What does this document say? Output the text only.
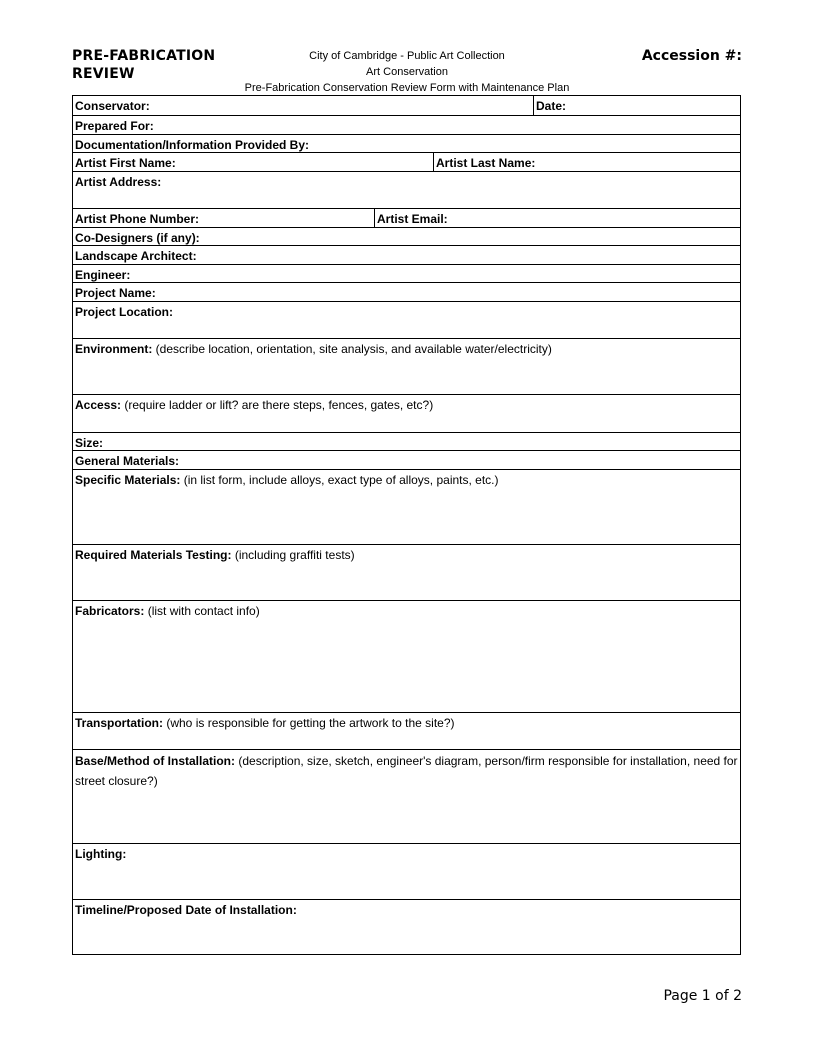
PRE-FABRICATION
REVIEW
City of Cambridge - Public Art Collection
Art Conservation
Pre-Fabrication Conservation Review Form with Maintenance Plan
Accession #:
Conservator:	Date:
Prepared For:
Documentation/Information Provided By:
Artist First Name:	Artist Last Name:
Artist Address:
Artist Phone Number:	Artist Email:
Co-Designers (if any):
Landscape Architect:
Engineer:
Project Name:
Project Location:
Environment: (describe location, orientation, site analysis, and available water/electricity)
Access: (require ladder or lift? are there steps, fences, gates, etc?)
Size:
General Materials:
Specific Materials: (in list form, include alloys, exact type of alloys, paints, etc.)
Required Materials Testing: (including graffiti tests)
Fabricators: (list with contact info)
Transportation: (who is responsible for getting the artwork to the site?)
Base/Method of Installation: (description, size, sketch, engineer's diagram, person/firm responsible for installation, need for street closure?)
Lighting:
Timeline/Proposed Date of Installation:
Page 1 of 2
